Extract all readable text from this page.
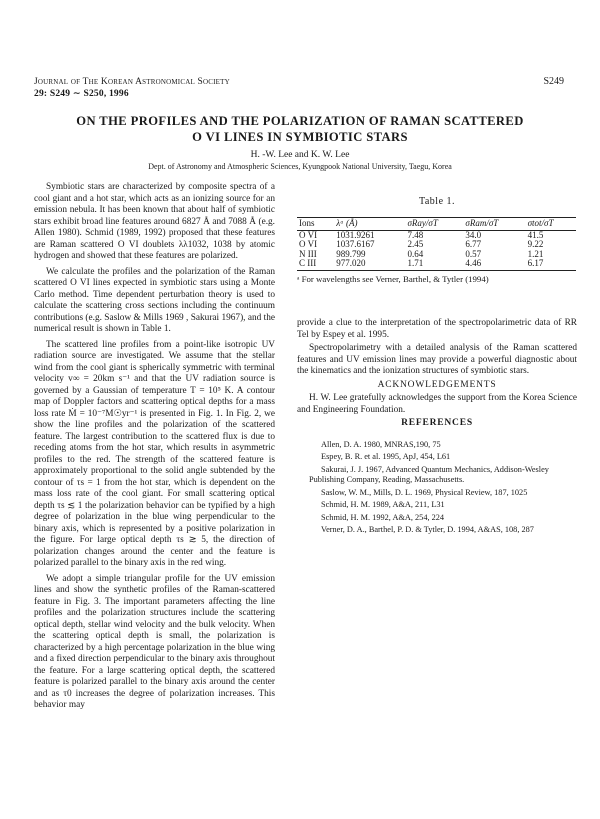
Journal of The Korean Astronomical Society
29: S249 ∼ S250, 1996
S249
ON THE PROFILES AND THE POLARIZATION OF RAMAN SCATTERED
O VI LINES IN SYMBIOTIC STARS
H. -W. Lee and K. W. Lee
Dept. of Astronomy and Atmospheric Sciences, Kyungpook National University, Taegu, Korea

Symbiotic stars are characterized by composite spectra of a cool giant and a hot star, which acts as an ionizing source for an emission nebula. It has been known that about half of symbiotic stars exhibit broad line features around 6827 Å and 7088 Å (e.g. Allen 1980). Schmid (1989, 1992) proposed that these features are Raman scattered O VI doublets λλ1032, 1038 by atomic hydrogen and showed that these features are polarized.

We calculate the profiles and the polarization of the Raman scattered O VI lines expected in symbiotic stars using a Monte Carlo method. Time dependent perturbation theory is used to calculate the scattering cross sections including the continuum contributions (e.g. Saslow & Mills 1969 , Sakurai 1967), and the numerical result is shown in Table 1.

The scattered line profiles from a point-like isotropic UV radiation source are investigated. We assume that the stellar wind from the cool giant is spherically symmetric with terminal velocity v∞ = 20km s⁻¹ and that the UV radiation source is governed by a Gaussian of temperature T = 10⁵ K. A contour map of Doppler factors and scattering optical depths for a mass loss rate Ṁ = 10⁻⁷M☉yr⁻¹ is presented in Fig. 1. In Fig. 2, we show the line profiles and the polarization of the scattered feature. The largest contribution to the scattered flux is due to receding atoms from the hot star, which results in asymmetric profiles to the red. The strength of the scattered feature is approximately proportional to the solid angle subtended by the contour of τs = 1 from the hot star, which is dependent on the mass loss rate of the cool giant. For small scattering optical depth τs ≲ 1 the polarization behavior can be typified by a high degree of polarization in the blue wing perpendicular to the binary axis, which is represented by a positive polarization in the figure. For large optical depth τs ≳ 5, the direction of polarization changes around the center and the feature is polarized parallel to the binary axis in the red wing.

We adopt a simple triangular profile for the UV emission lines and show the synthetic profiles of the Raman-scattered feature in Fig. 3. The important parameters affecting the line profiles and the polarization structures include the scattering optical depth, stellar wind velocity and the bulk velocity. When the scattering optical depth is small, the polarization is characterized by a high percentage polarization in the blue wing and a fixed direction perpendicular to the binary axis throughout the feature. For a large scattering optical depth, the scattered feature is polarized parallel to the binary axis around the center and as τ0 increases the degree of polarization increases. This behavior may

Table 1.
Ions	λᵃ (Å)	σRay/σT	σRam/σT	σtot/σT
O VI	1031.9261	7.48	34.0	41.5
O VI	1037.6167	2.45	6.77	9.22
N III	989.799	0.64	0.57	1.21
C III	977.020	1.71	4.46	6.17
ᵃ For wavelengths see Verner, Barthel, & Tytler (1994)

provide a clue to the interpretation of the spectropolarimetric data of RR Tel by Espey et al. 1995.

Spectropolarimetry with a detailed analysis of the Raman scattered features and UV emission lines may provide a powerful diagnostic about the kinematics and the ionization structures of symbiotic stars.

ACKNOWLEDGEMENTS

H. W. Lee gratefully acknowledges the support from the Korea Science and Engineering Foundation.

REFERENCES

Allen, D. A. 1980, MNRAS,190, 75

Espey, B. R. et al. 1995, ApJ, 454, L61

Sakurai, J. J. 1967, Advanced Quantum Mechanics, Addison-Wesley Publishing Company, Reading, Massachusetts.

Saslow, W. M., Mills, D. L. 1969, Physical Review, 187, 1025

Schmid, H. M. 1989, A&A, 211, L31

Schmid, H. M. 1992, A&A, 254, 224

Verner, D. A., Barthel, P. D. & Tytler, D. 1994, A&AS, 108, 287
